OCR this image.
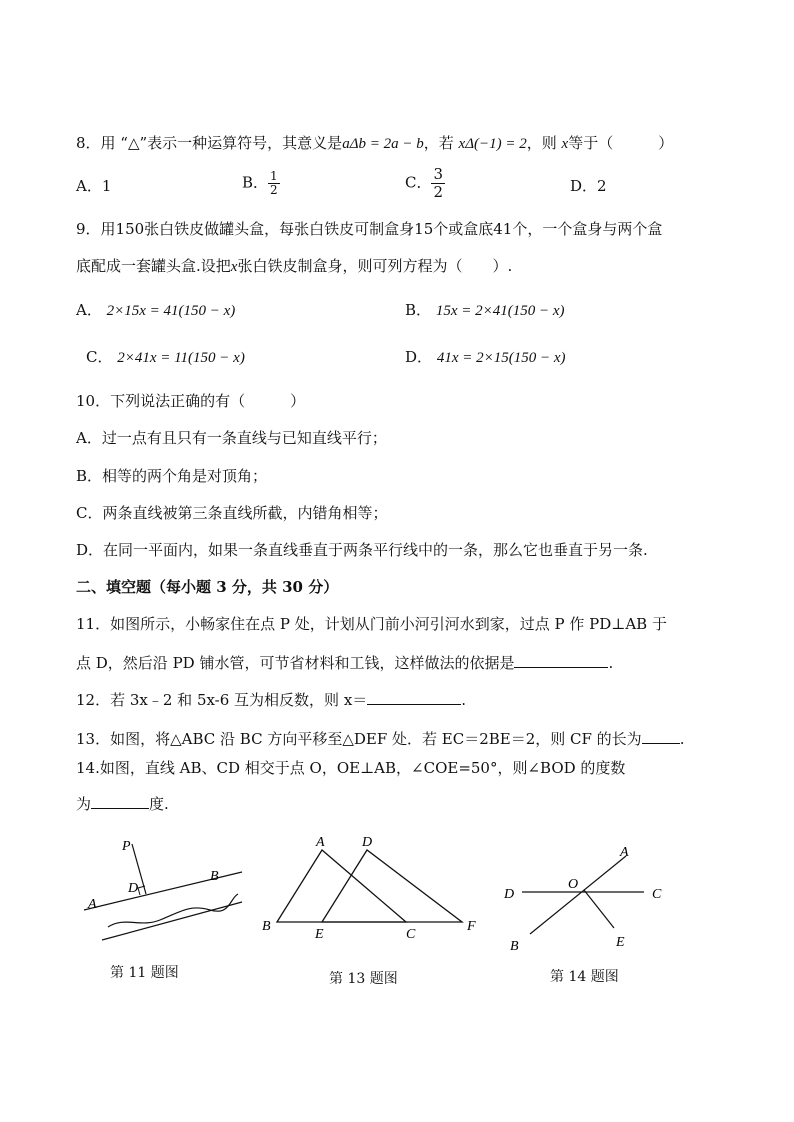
8．用 “△”表示一种运算符号，其意义是aΔb = 2a − b，若 xΔ(−1) = 2，则 x等于（　　　）
A．1	B． $\frac{1}{2}$	C． $\frac{3}{2}$	D．2
9．用150张白铁皮做罐头盒，每张白铁皮可制盒身15个或盒底41个，一个盒身与两个盒
底配成一套罐头盒.设把x张白铁皮制盒身，则可列方程为（　　）.
A． 2×15x = 41(150 − x)	B． 15x = 2×41(150 − x)
C． 2×41x = 11(150 − x)	D． 41x = 2×15(150 − x)
10．下列说法正确的有（　　　）
A．过一点有且只有一条直线与已知直线平行；
B．相等的两个角是对顶角；
C．两条直线被第三条直线所截，内错角相等；
D．在同一平面内，如果一条直线垂直于两条平行线中的一条，那么它也垂直于另一条.
二、填空题（每小题 3 分，共 30 分）
11．如图所示，小畅家住在点 P 处，计划从门前小河引河水到家，过点 P 作 PD⊥AB 于
点 D，然后沿 PD 铺水管，可节省材料和工钱，这样做法的依据是	.
12．若 3x﹣2 和 5x-6 互为相反数，则 x＝	.
13．如图，将△ABC 沿 BC 方向平移至△DEF 处．若 EC＝2BE＝2，则 CF 的长为	.
14.如图，直线 AB、CD 相交于点 O，OE⊥AB，∠COE=50°，则∠BOD 的度数
为	度.
P
D
A
B
第 11 题图
A	D
B
E	C
F
第 13 题图
A
D
O
C
B	E
第 14 题图
